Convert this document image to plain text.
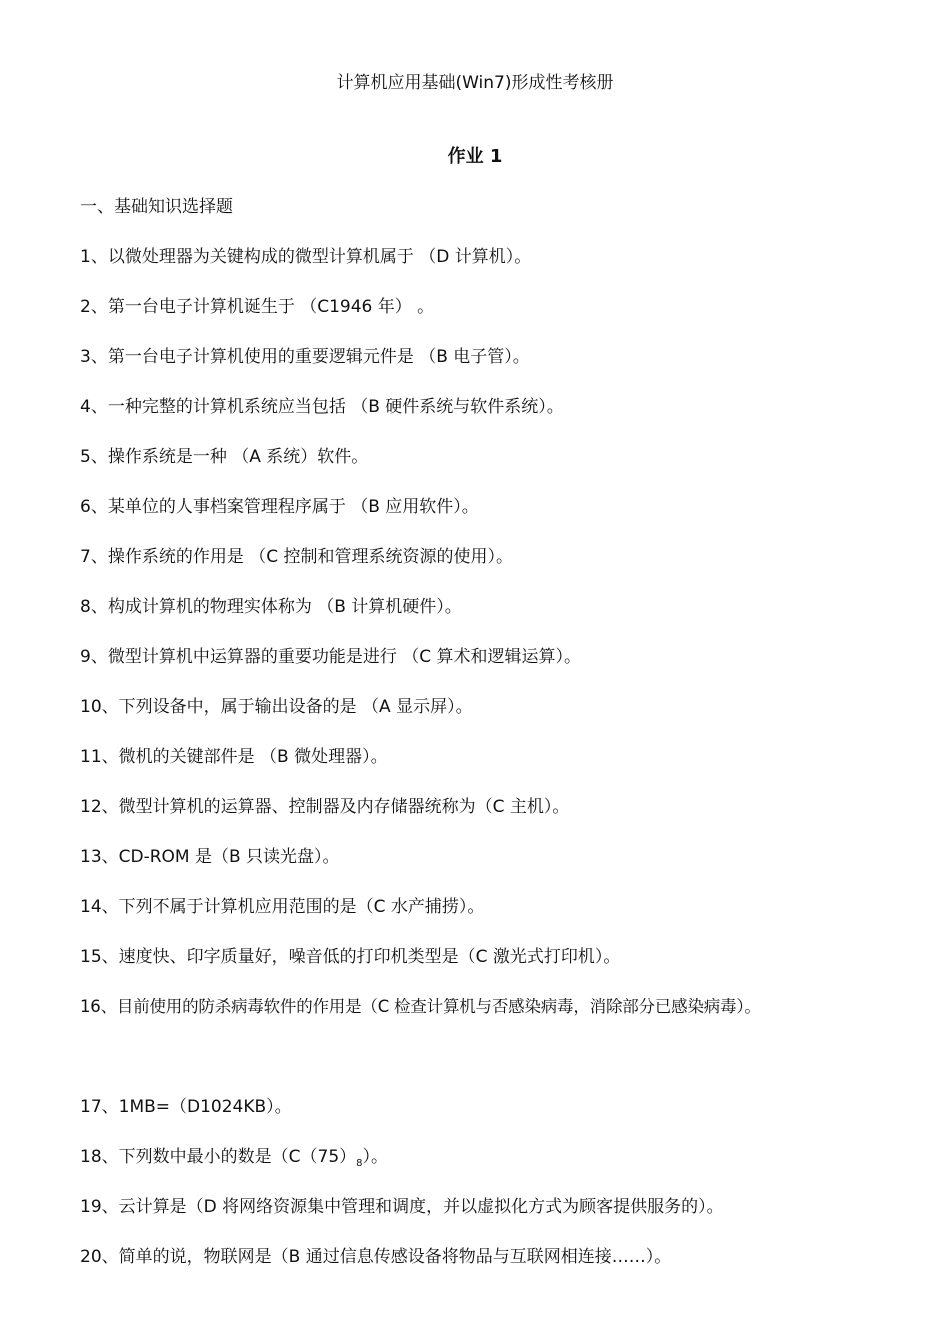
计算机应用基础(Win7)形成性考核册
作业 1
一、基础知识选择题
1、以微处理器为关键构成的微型计算机属于 （D 计算机）。
2、第一台电子计算机诞生于 （C1946 年） 。
3、第一台电子计算机使用的重要逻辑元件是 （B 电子管）。
4、一种完整的计算机系统应当包括 （B 硬件系统与软件系统）。
5、操作系统是一种 （A 系统）软件。
6、某单位的人事档案管理程序属于 （B 应用软件）。
7、操作系统的作用是 （C 控制和管理系统资源的使用）。
8、构成计算机的物理实体称为 （B 计算机硬件）。
9、微型计算机中运算器的重要功能是进行 （C 算术和逻辑运算）。
10、下列设备中，属于输出设备的是 （A 显示屏）。
11、微机的关键部件是 （B 微处理器）。
12、微型计算机的运算器、控制器及内存储器统称为（C 主机）。
13、CD-ROM 是（B 只读光盘）。
14、下列不属于计算机应用范围的是（C 水产捕捞）。
15、速度快、印字质量好，噪音低的打印机类型是（C 激光式打印机）。
16、目前使用的防杀病毒软件的作用是（C 检查计算机与否感染病毒，消除部分已感染病毒）。
17、1MB=（D1024KB）。
18、下列数中最小的数是$(C(75)_8)$。
19、云计算是（D 将网络资源集中管理和调度，并以虚拟化方式为顾客提供服务的）。
20、简单的说，物联网是（B 通过信息传感设备将物品与互联网相连接……）。
